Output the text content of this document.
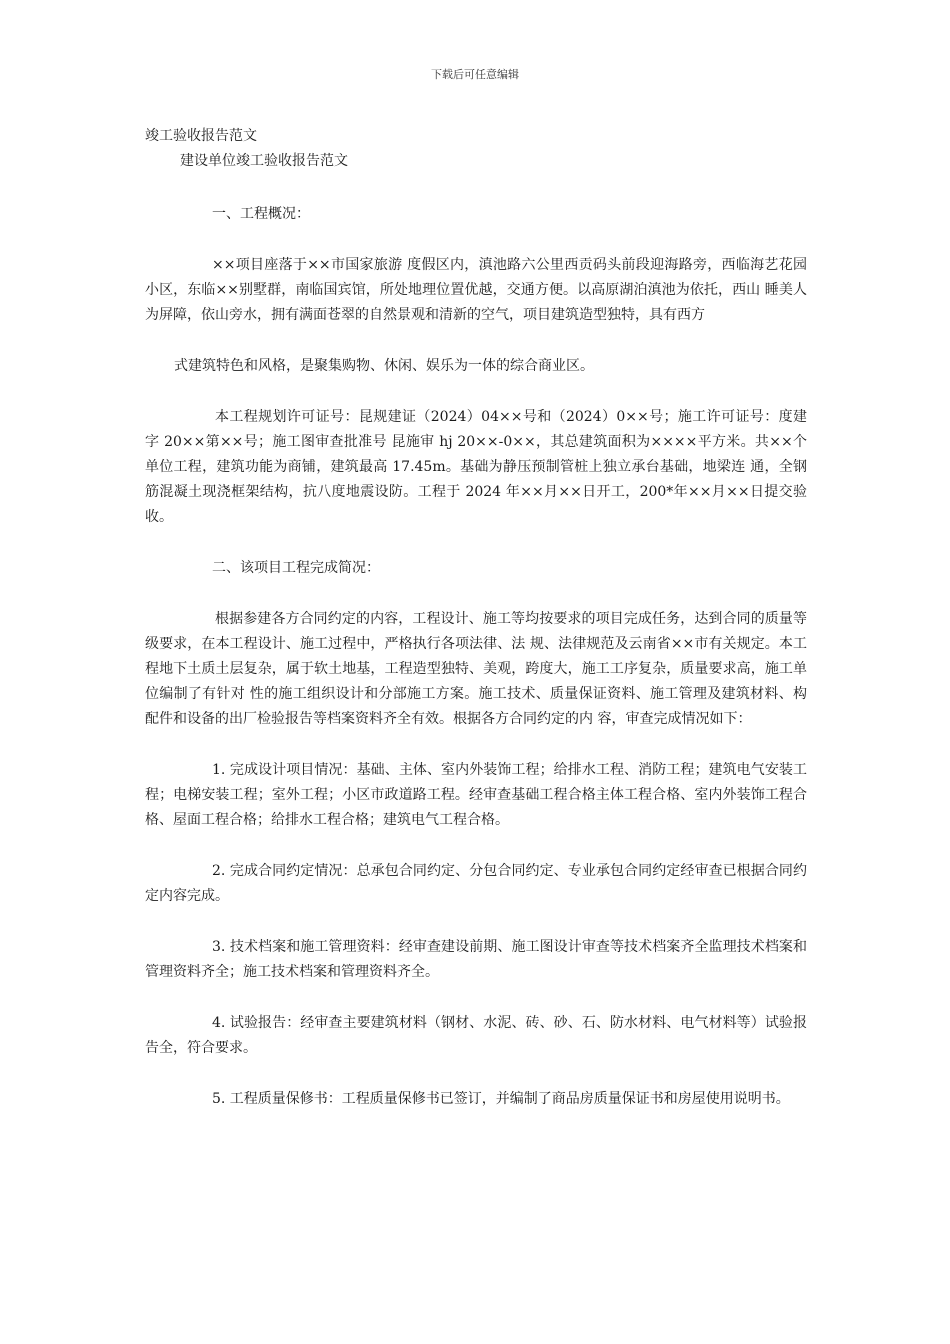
下载后可任意编辑

竣工验收报告范文

建设单位竣工验收报告范文

一、工程概况：

××项目座落于××市国家旅游 度假区内，滇池路六公里西贡码头前段迎海路旁，西临海艺花园小区，东临××别墅群，南临国宾馆，所处地理位置优越，交通方便。以高原湖泊滇池为依托，西山 睡美人为屏障，依山旁水，拥有满面苍翠的自然景观和清新的空气，项目建筑造型独特，具有西方

式建筑特色和风格，是聚集购物、休闲、娱乐为一体的综合商业区。

本工程规划许可证号：昆规建证（2024）04××号和（2024）0××号；施工许可证号：度建字 20××第××号；施工图审查批准号 昆施审 hj 20××-0××，其总建筑面积为××××平方米。共××个单位工程，建筑功能为商铺，建筑最高 17.45m。基础为静压预制管桩上独立承台基础，地梁连 通，全钢筋混凝土现浇框架结构，抗八度地震设防。工程于 2024 年××月××日开工，200*年××月××日提交验收。

二、该项目工程完成简况：

根据参建各方合同约定的内容，工程设计、施工等均按要求的项目完成任务，达到合同的质量等级要求，在本工程设计、施工过程中，严格执行各项法律、法 规、法律规范及云南省××市有关规定。本工程地下土质土层复杂，属于软土地基，工程造型独特、美观，跨度大，施工工序复杂，质量要求高，施工单位编制了有针对 性的施工组织设计和分部施工方案。施工技术、质量保证资料、施工管理及建筑材料、构配件和设备的出厂检验报告等档案资料齐全有效。根据各方合同约定的内 容，审查完成情况如下：

1. 完成设计项目情况：基础、主体、室内外装饰工程；给排水工程、消防工程；建筑电气安装工程；电梯安装工程；室外工程；小区市政道路工程。经审查基础工程合格主体工程合格、室内外装饰工程合格、屋面工程合格；给排水工程合格；建筑电气工程合格。

2. 完成合同约定情况：总承包合同约定、分包合同约定、专业承包合同约定经审查已根据合同约定内容完成。

3. 技术档案和施工管理资料：经审查建设前期、施工图设计审查等技术档案齐全监理技术档案和管理资料齐全；施工技术档案和管理资料齐全。

4. 试验报告：经审查主要建筑材料（钢材、水泥、砖、砂、石、防水材料、电气材料等）试验报告全，符合要求。

5. 工程质量保修书：工程质量保修书已签订，并编制了商品房质量保证书和房屋使用说明书。
